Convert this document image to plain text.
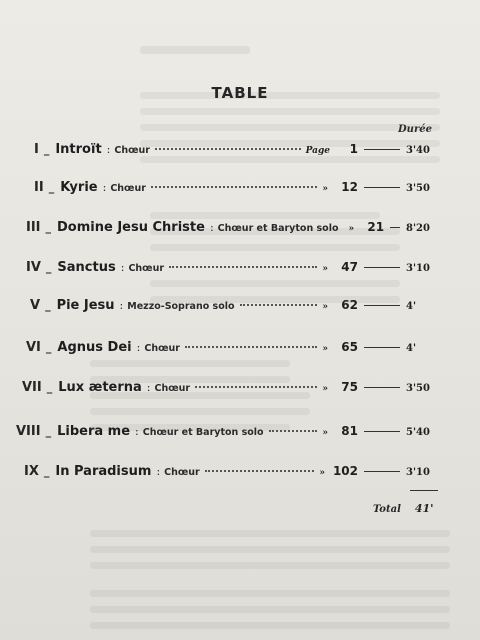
TABLE
Durée
I _ Introït : Chœur	Page	1	3'40
II _ Kyrie : Chœur	»	12	3'50
III _ Domine Jesu Christe : Chœur et Baryton solo »	21 8'20
IV _ Sanctus : Chœur	»	47	3'10
V _ Pie Jesu : Mezzo-Soprano solo	»	62	4'
VI _ Agnus Dei : Chœur	»	65	4'
VII _ Lux æterna : Chœur	»	75	3'50
VIII _ Libera me : Chœur et Baryton solo	»	81	5'40
IX _ In Paradisum : Chœur	» 102	3'10
Total 41'
